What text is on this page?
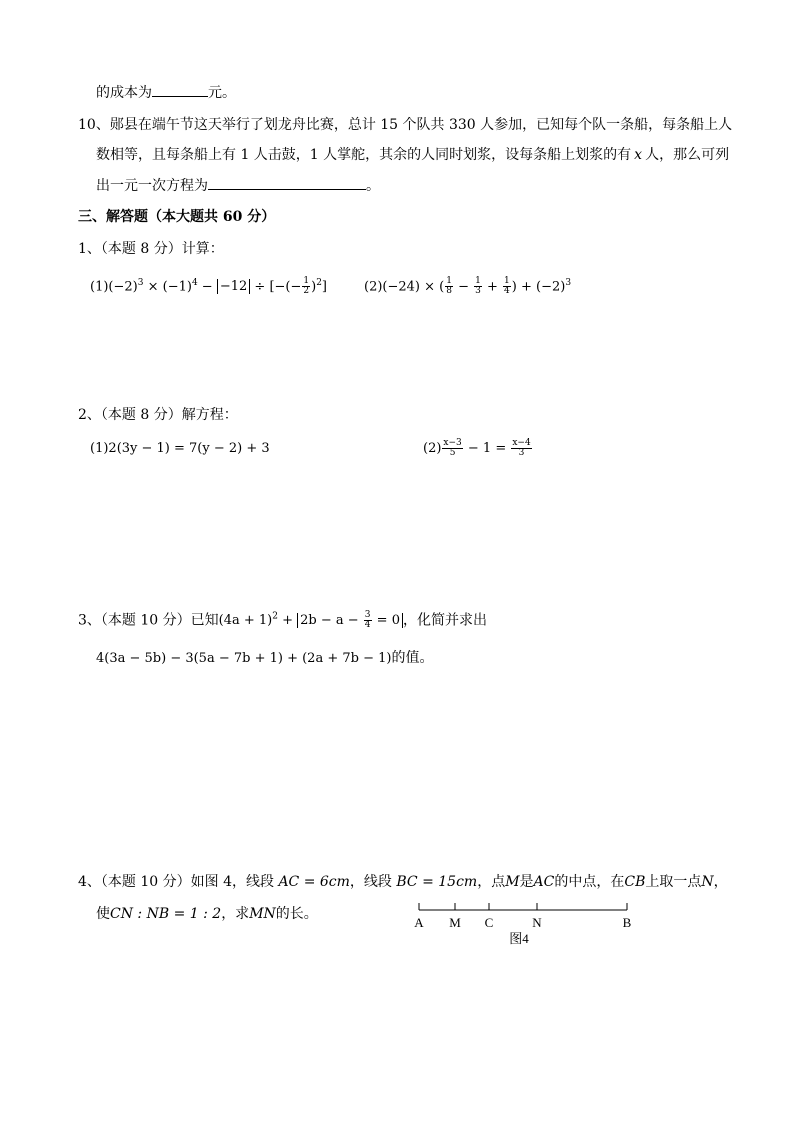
的成本为	元。
10、郧县在端午节这天举行了划龙舟比赛，总计 15 个队共 330 人参加，已知每个队一条船，每条船上人
数相等，且每条船上有 1 人击鼓，1 人掌舵，其余的人同时划浆，设每条船上划浆的有 x 人，那么可列
出一元一次方程为	。
三、解答题（本大题共 60 分）
1、（本题 8 分）计算：
$(1)(-2)^3 \times (-1)^4 - -12$ ÷ [−(− $\frac{1}{2} )^2$]	(2)(−24) × ( $\frac{1}{8} - \frac{1}{3} + \frac{1}{4}$ ) + $(-2)^3$
2、（本题 8 分）解方程：
(1)2(3y − 1) = 7(y − 2) + 3	$(2) \frac{x-3}{5} - 1 = \frac{x-4}{3}$
3、（本题 10 分）已知$(4a + 1)^2 + 2b - a - \frac{3}{4} = 0$ ，化简并求出
4(3a − 5b) − 3(5a − 7b + 1) + (2a + 7b − 1)的值。
4、（本题 10 分）如图 4，线段 AC = 6cm，线段 BC = 15cm，点M是AC的中点，在CB上取一点N，
使CN : NB = 1 : 2，求MN的长。
A M C	N	B
图4
